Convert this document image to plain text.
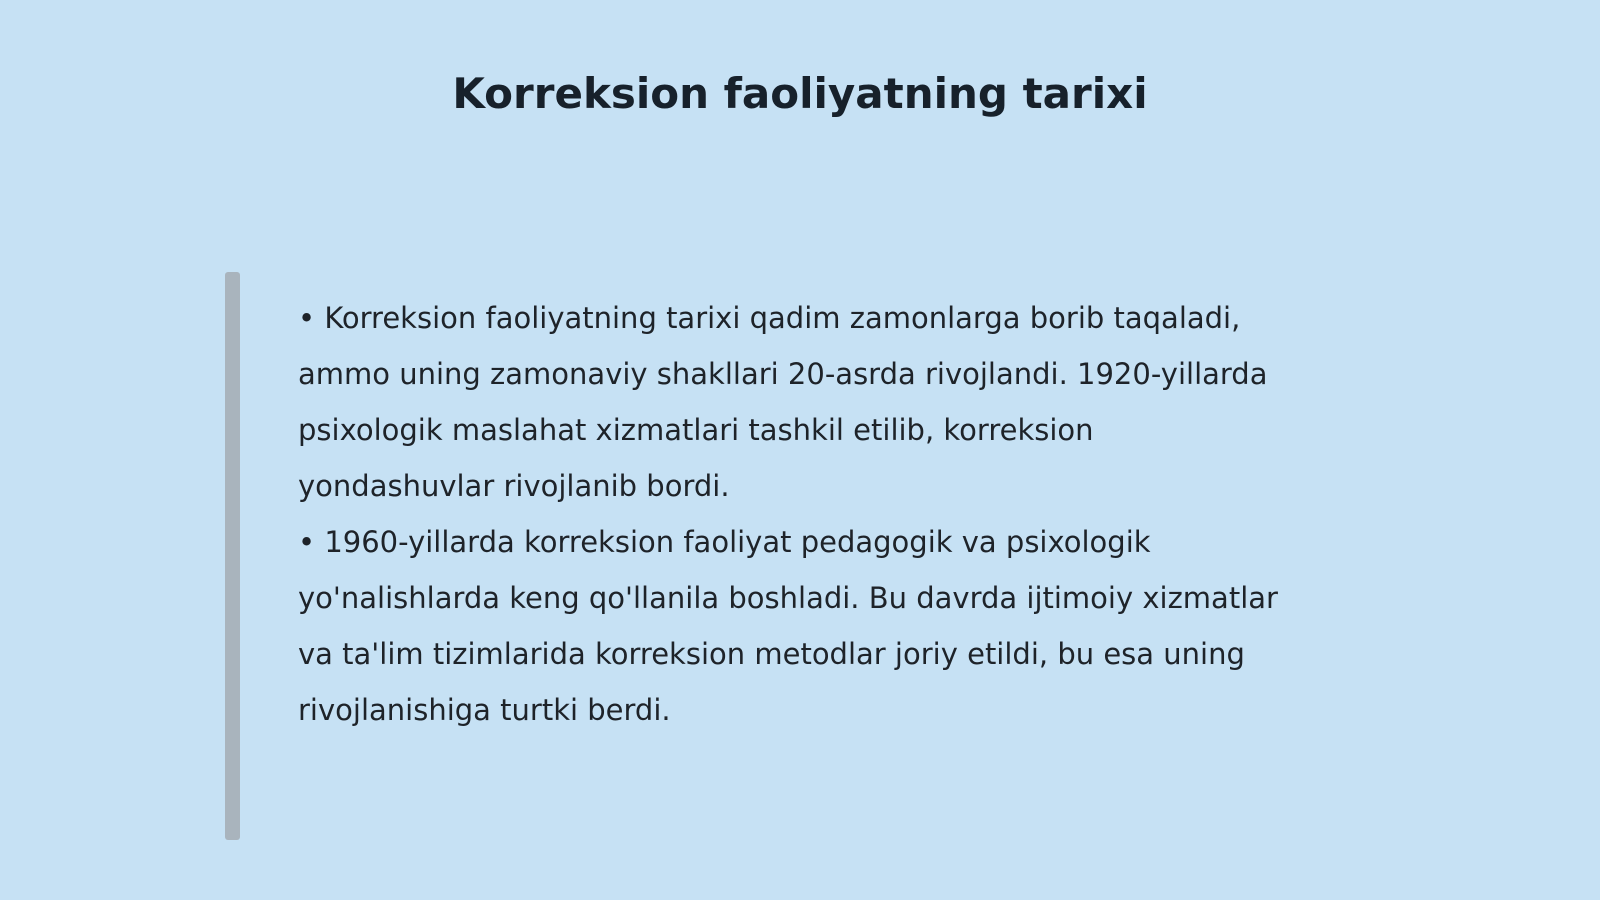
Korreksion faoliyatning tarixi

• Korreksion faoliyatning tarixi qadim zamonlarga borib taqaladi, ammo uning zamonaviy shakllari 20-asrda rivojlandi. 1920-yillarda psixologik maslahat xizmatlari tashkil etilib, korreksion yondashuvlar rivojlanib bordi.

• 1960-yillarda korreksion faoliyat pedagogik va psixologik yo'nalishlarda keng qo'llanila boshladi. Bu davrda ijtimoiy xizmatlar va ta'lim tizimlarida korreksion metodlar joriy etildi, bu esa uning rivojlanishiga turtki berdi.
